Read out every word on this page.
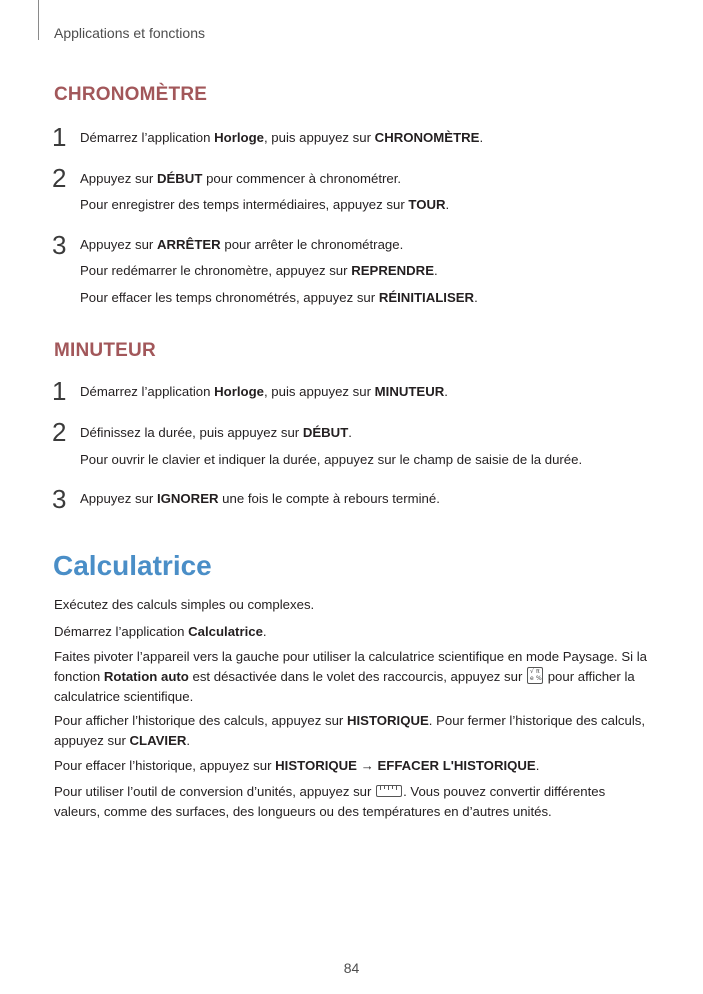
Applications et fonctions
CHRONOMÈTRE
1 Démarrez l’application Horloge, puis appuyez sur CHRONOMÈTRE.
2 Appuyez sur DÉBUT pour commencer à chronométrer.
Pour enregistrer des temps intermédiaires, appuyez sur TOUR.
3 Appuyez sur ARRÊTER pour arrêter le chronométrage.
Pour redémarrer le chronomètre, appuyez sur REPRENDRE.
Pour effacer les temps chronométrés, appuyez sur RÉINITIALISER.
MINUTEUR
1 Démarrez l’application Horloge, puis appuyez sur MINUTEUR.
2 Définissez la durée, puis appuyez sur DÉBUT.
Pour ouvrir le clavier et indiquer la durée, appuyez sur le champ de saisie de la durée.
3 Appuyez sur IGNORER une fois le compte à rebours terminé.
Calculatrice
Exécutez des calculs simples ou complexes.
Démarrez l’application Calculatrice.
Faites pivoter l’appareil vers la gauche pour utiliser la calculatrice scientifique en mode Paysage. Si la fonction Rotation auto est désactivée dans le volet des raccourcis, appuyez sur √ π
e % pour afficher la calculatrice scientifique.
Pour afficher l’historique des calculs, appuyez sur HISTORIQUE. Pour fermer l’historique des calculs, appuyez sur CLAVIER.
Pour effacer l’historique, appuyez sur HISTORIQUE → EFFACER L'HISTORIQUE.
Pour utiliser l’outil de conversion d’unités, appuyez sur
. Vous pouvez convertir différentes valeurs, comme des surfaces, des longueurs ou des températures en d’autres unités.
84
